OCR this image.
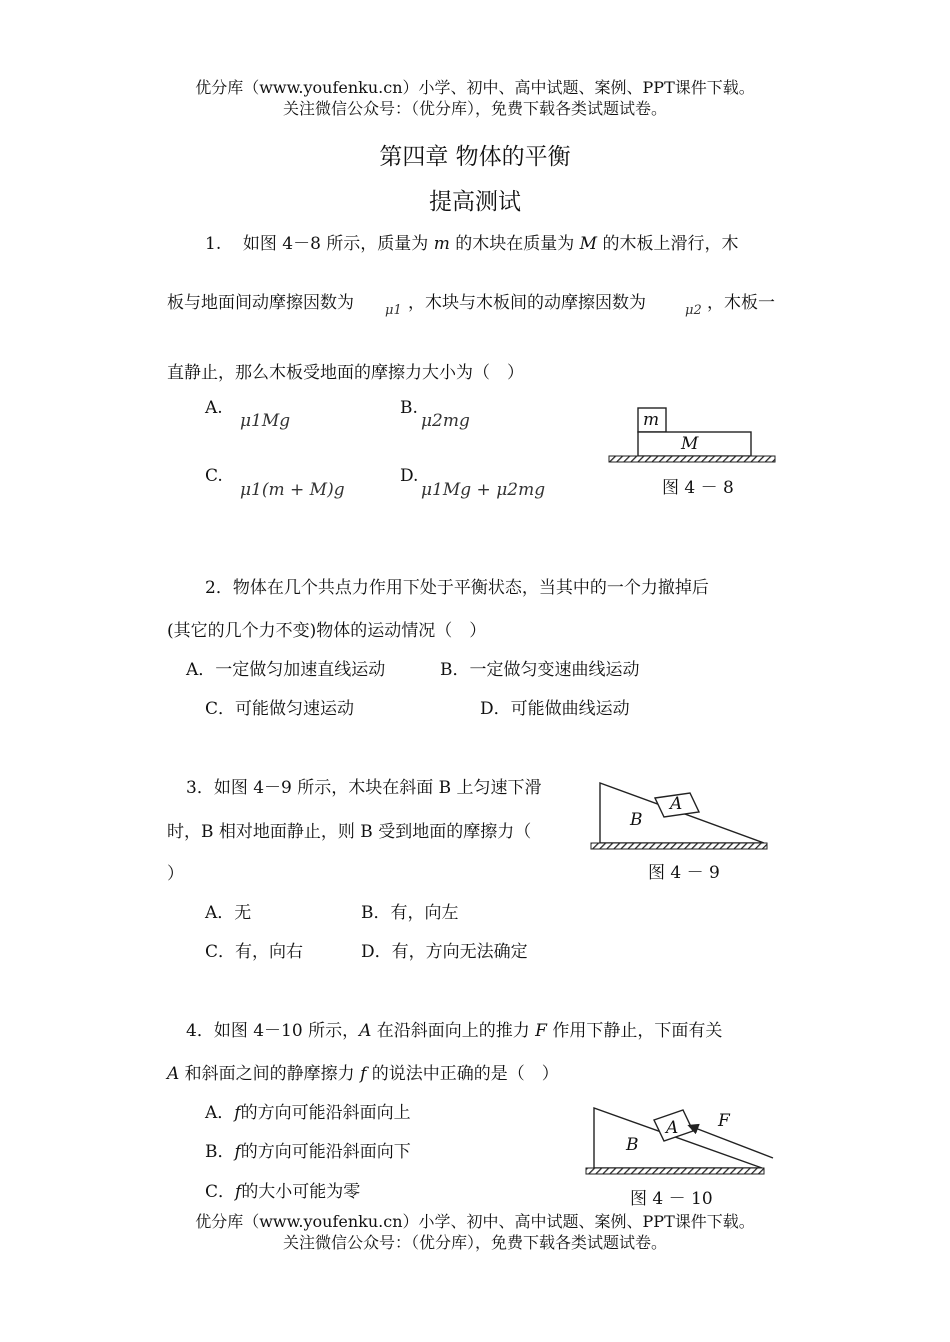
优分库（www.youfenku.cn）小学、初中、高中试题、案例、PPT课件下载。
关注微信公众号：（优分库），免费下载各类试题试卷。
第四章 物体的平衡
提高测试
1. 如图 4－8 所示，质量为 m 的木块在质量为 M 的木板上滑行，木
板与地面间动摩擦因数为 μ1 ，木块与木板间的动摩擦因数为	μ2 ，木板一
直静止，那么木板受地面的摩擦力大小为（　）
A.
μ1Mg
B.
μ2mg
C.
μ1(m + M)g
D.
μ1Mg + μ2mg
m
M
图 4 － 8
2．物体在几个共点力作用下处于平衡状态，当其中的一个力撤掉后
(其它的几个力不变)物体的运动情况（　）
A．一定做匀加速直线运动	B．一定做匀变速曲线运动
C．可能做匀速运动	D．可能做曲线运动
3．如图 4－9 所示，木块在斜面 B 上匀速下滑
时，B 相对地面静止，则 B 受到地面的摩擦力（
）
A．无	B．有，向左
C．有，向右	D．有，方向无法确定
A
B
图 4 － 9
4．如图 4－10 所示，A 在沿斜面向上的推力 F 作用下静止，下面有关
A 和斜面之间的静摩擦力 f 的说法中正确的是（　）
A．f的方向可能沿斜面向上
B．f的方向可能沿斜面向下
C．f的大小可能为零
A
B
F
图 4 － 10
优分库（www.youfenku.cn）小学、初中、高中试题、案例、PPT课件下载。
关注微信公众号：（优分库），免费下载各类试题试卷。
